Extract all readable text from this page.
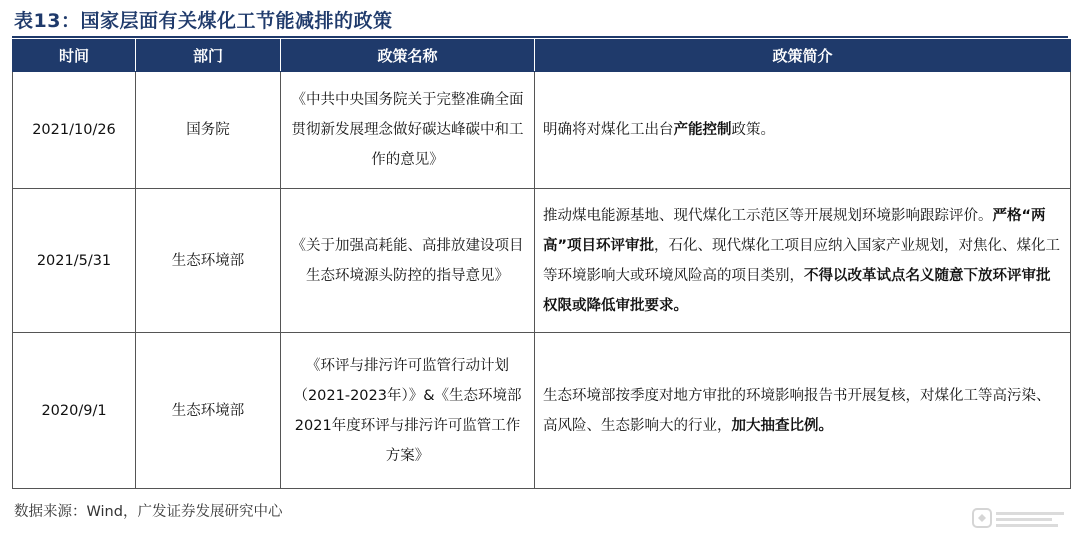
表13：国家层面有关煤化工节能减排的政策
时间	部门	政策名称	政策简介
2021/10/26	国务院	《中共中央国务院关于完整准确全面贯彻新发展理念做好碳达峰碳中和工作的意见》	明确将对煤化工出台产能控制政策。
2021/5/31	生态环境部	《关于加强高耗能、高排放建设项目生态环境源头防控的指导意见》	推动煤电能源基地、现代煤化工示范区等开展规划环境影响跟踪评价。严格“两高”项目环评审批，石化、现代煤化工项目应纳入国家产业规划，对焦化、煤化工等环境影响大或环境风险高的项目类别，不得以改革试点名义随意下放环评审批权限或降低审批要求。
2020/9/1	生态环境部	《环评与排污许可监管行动计划（2021-2023年）》&《生态环境部2021年度环评与排污许可监管工作方案》	生态环境部按季度对地方审批的环境影响报告书开展复核，对煤化工等高污染、高风险、生态影响大的行业，加大抽查比例。
数据来源：Wind，广发证券发展研究中心
